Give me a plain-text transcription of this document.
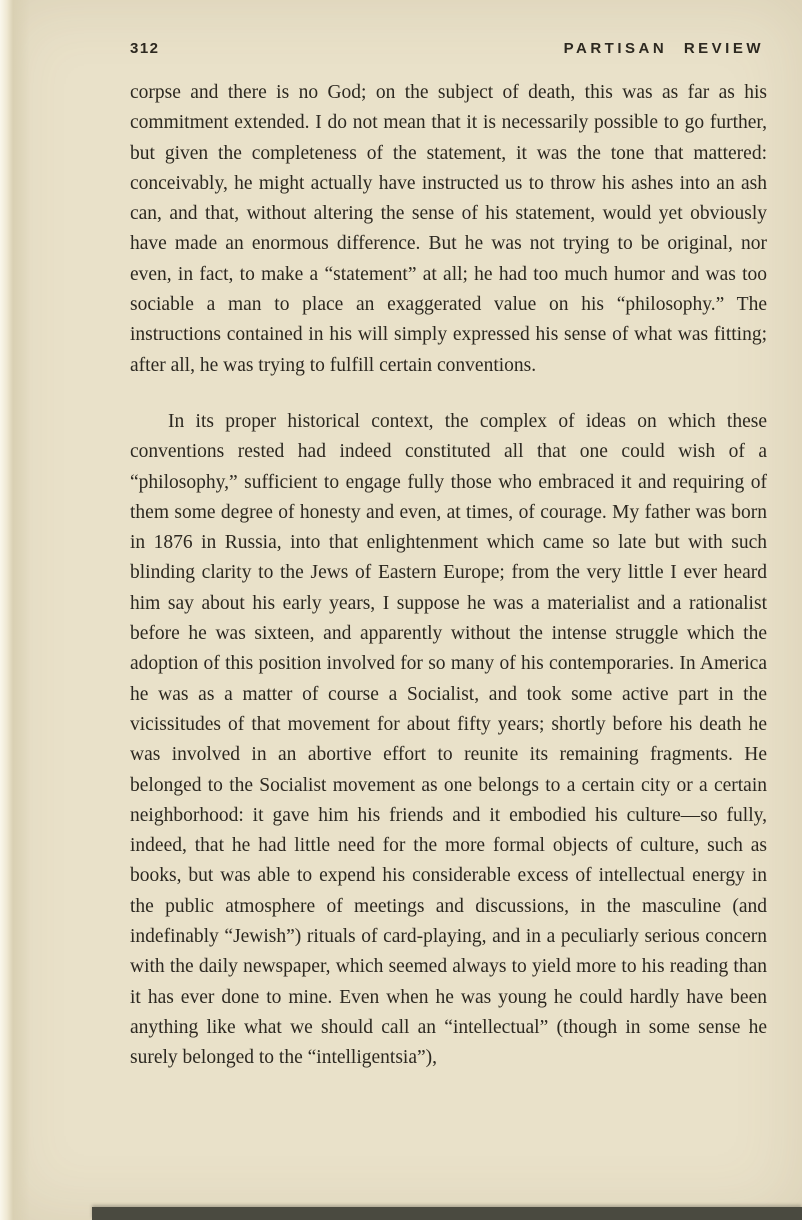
312	PARTISAN REVIEW

corpse and there is no God; on the subject of death, this was as far as his commitment extended. I do not mean that it is necessarily possible to go further, but given the completeness of the statement, it was the tone that mattered: conceivably, he might actually have instructed us to throw his ashes into an ash can, and that, without altering the sense of his statement, would yet obviously have made an enormous difference. But he was not trying to be original, nor even, in fact, to make a “statement” at all; he had too much humor and was too sociable a man to place an exaggerated value on his “philosophy.” The instructions contained in his will simply expressed his sense of what was fitting; after all, he was trying to fulfill certain conventions.

In its proper historical context, the complex of ideas on which these conventions rested had indeed constituted all that one could wish of a “philosophy,” sufficient to engage fully those who embraced it and requiring of them some degree of honesty and even, at times, of courage. My father was born in 1876 in Russia, into that enlightenment which came so late but with such blinding clarity to the Jews of Eastern Europe; from the very little I ever heard him say about his early years, I suppose he was a materialist and a rationalist before he was sixteen, and apparently without the intense struggle which the adoption of this position involved for so many of his contemporaries. In America he was as a matter of course a Socialist, and took some active part in the vicissitudes of that movement for about fifty years; shortly before his death he was involved in an abortive effort to reunite its remaining fragments. He belonged to the Socialist movement as one belongs to a certain city or a certain neighborhood: it gave him his friends and it embodied his culture—so fully, indeed, that he had little need for the more formal objects of culture, such as books, but was able to expend his considerable excess of intellectual energy in the public atmosphere of meetings and discussions, in the masculine (and indefinably “Jewish”) rituals of card-playing, and in a peculiarly serious concern with the daily newspaper, which seemed always to yield more to his reading than it has ever done to mine. Even when he was young he could hardly have been anything like what we should call an “intellectual” (though in some sense he surely belonged to the “intelligentsia”),
